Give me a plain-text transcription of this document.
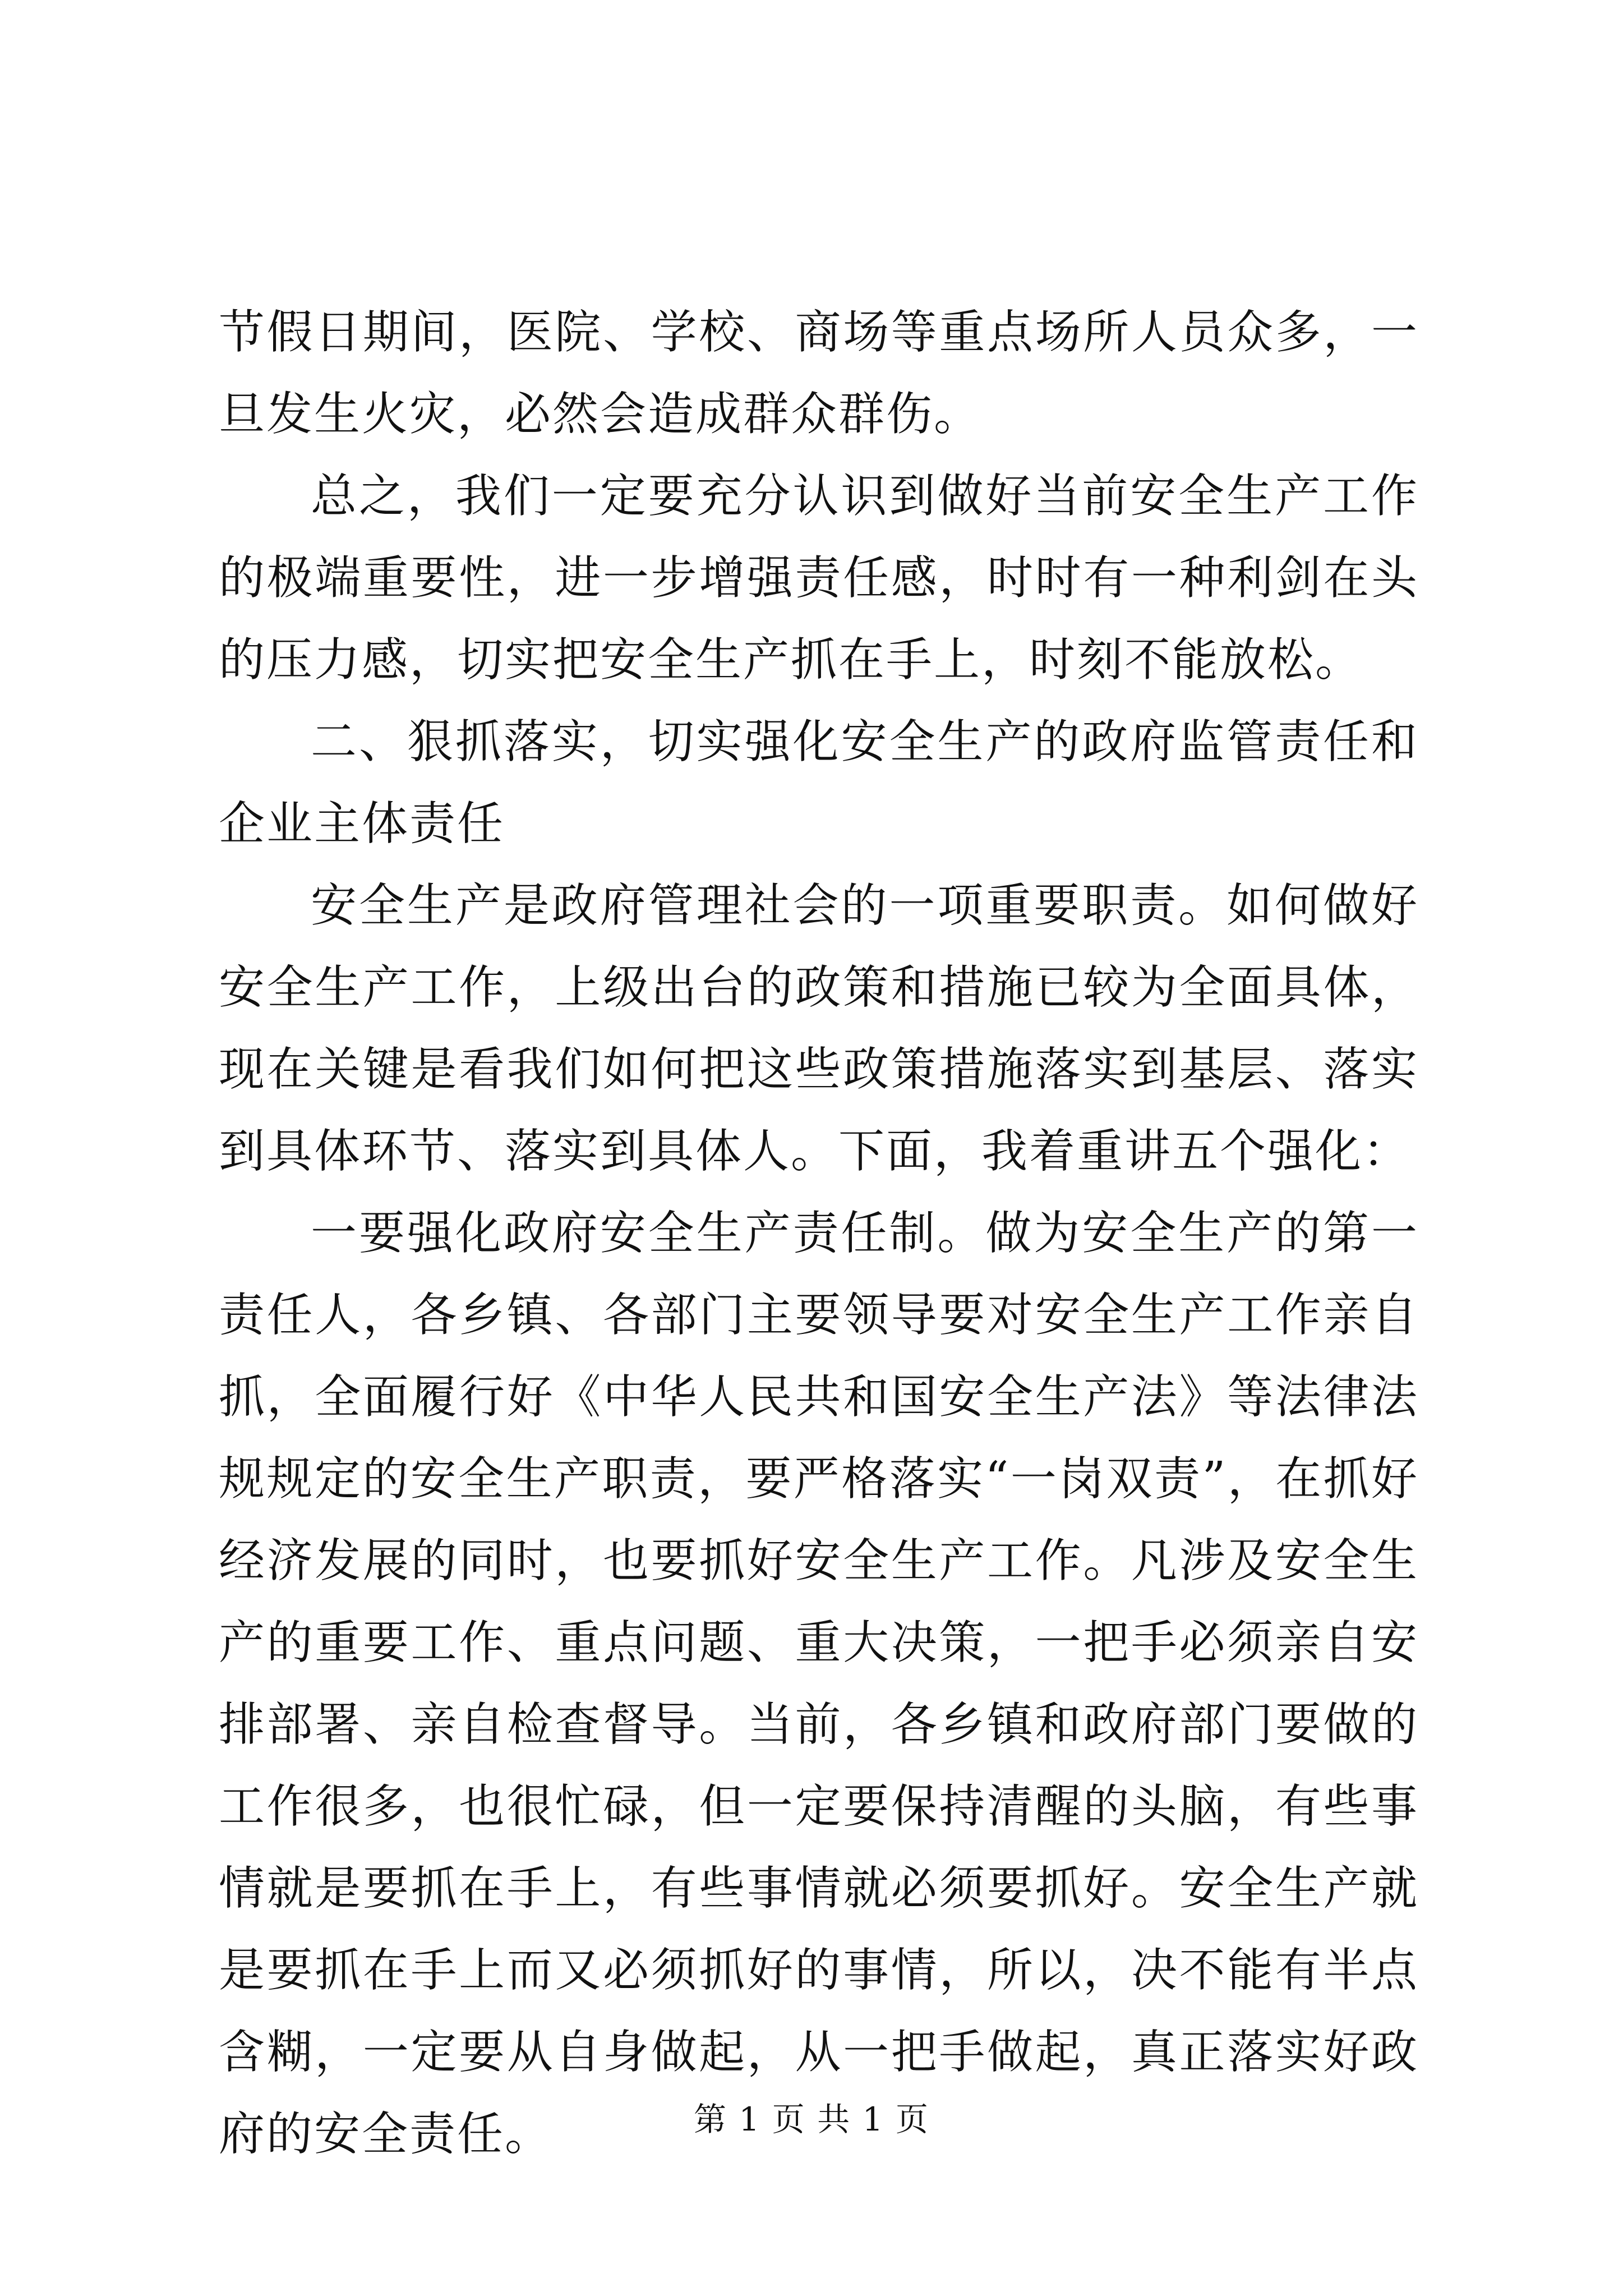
节假日期间，医院、学校、商场等重点场所人员众多，一旦发生火灾，必然会造成群众群伤。

总之，我们一定要充分认识到做好当前安全生产工作的极端重要性，进一步增强责任感，时时有一种利剑在头的压力感，切实把安全生产抓在手上，时刻不能放松。

二、狠抓落实，切实强化安全生产的政府监管责任和企业主体责任

安全生产是政府管理社会的一项重要职责。如何做好安全生产工作，上级出台的政策和措施已较为全面具体，现在关键是看我们如何把这些政策措施落实到基层、落实到具体环节、落实到具体人。下面，我着重讲五个强化：

一要强化政府安全生产责任制。做为安全生产的第一责任人，各乡镇、各部门主要领导要对安全生产工作亲自抓，全面履行好《中华人民共和国安全生产法》等法律法规规定的安全生产职责，要严格落实“一岗双责”，在抓好经济发展的同时，也要抓好安全生产工作。凡涉及安全生产的重要工作、重点问题、重大决策，一把手必须亲自安排部署、亲自检查督导。当前，各乡镇和政府部门要做的工作很多，也很忙碌，但一定要保持清醒的头脑，有些事情就是要抓在手上，有些事情就必须要抓好。安全生产就是要抓在手上而又必须抓好的事情，所以，决不能有半点含糊，一定要从自身做起，从一把手做起，真正落实好政府的安全责任。	第 1 页 共 1 页
